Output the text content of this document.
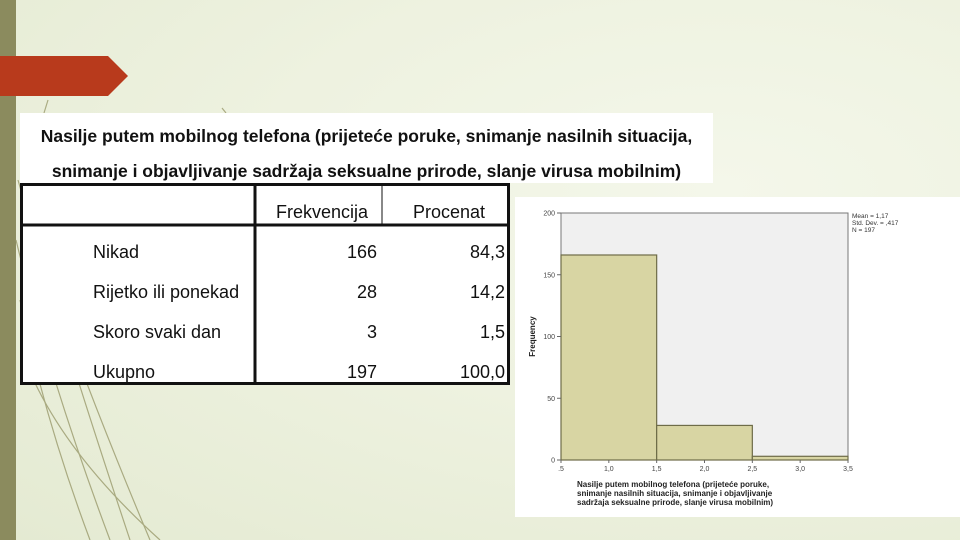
Nasilje putem mobilnog telefona (prijeteće poruke, snimanje nasilnih situacija,
snimanje i objavljivanje sadržaja seksualne prirode, slanje virusa mobilnim)
Frekvencija Procenat
Nikad	166	84,3
Rijetko ili ponekad	28	14,2
Skoro svaki dan	3	1,5
Ukupno	197	100,0
0
50
100
150
200
.5	1,0	1,5	2,0	2,5	3,0	3,5
Frequency
Nasilje putem mobilnog telefona (prijeteće poruke,
snimanje nasilnih situacija, snimanje i objavljivanje
sadržaja seksualne prirode, slanje virusa mobilnim)
Mean = 1,17
Std. Dev. = ,417
N = 197
